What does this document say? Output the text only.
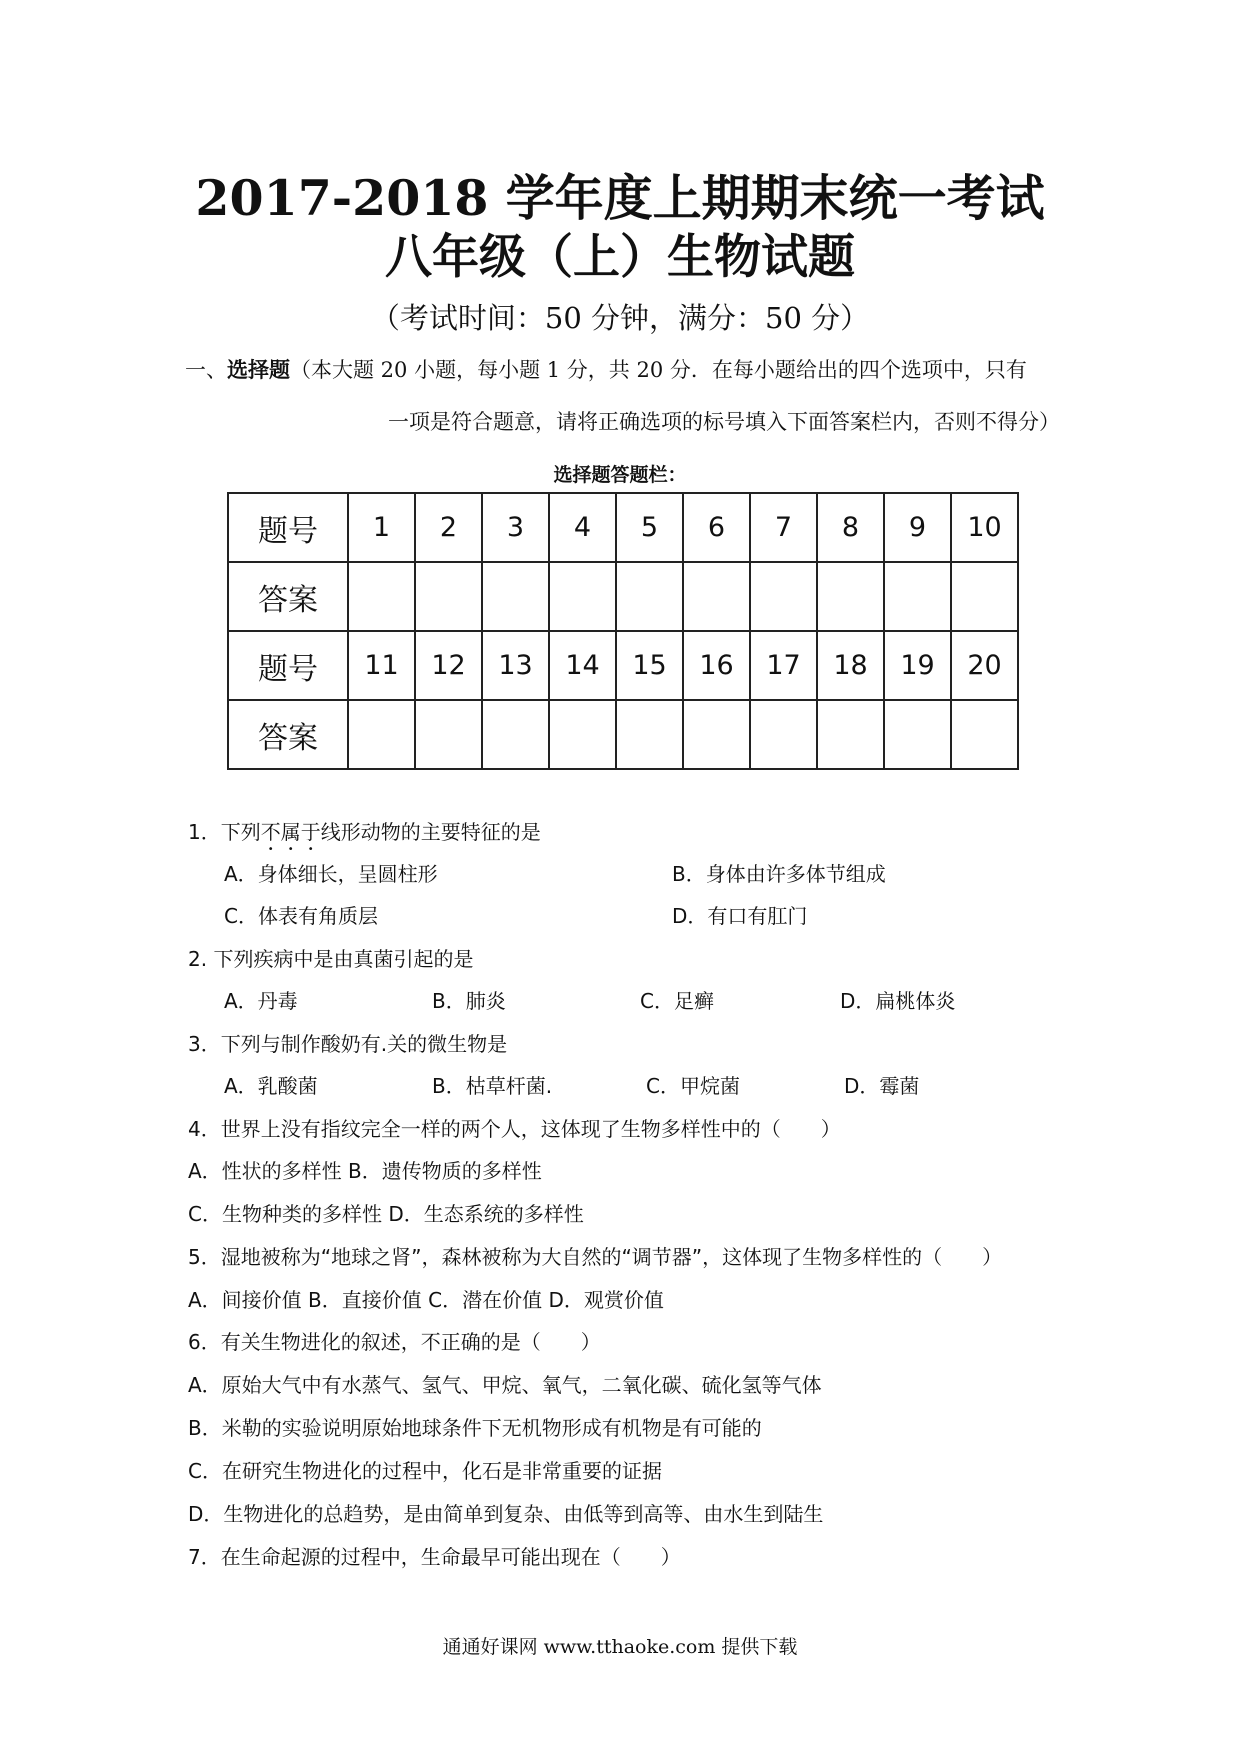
2017-2018 学年度上期期末统一考试
八年级（上）生物试题
（考试时间：50 分钟，满分：50 分）
一、选择题（本大题 20 小题，每小题 1 分，共 20 分．在每小题给出的四个选项中，只有
一项是符合题意，请将正确选项的标号填入下面答案栏内，否则不得分）
选择题答题栏：
题号	1	2	3	4	5	6	7	8	9	10
答案										
题号	11	12	13	14	15	16	17	18	19	20
答案										
1．下列不属于线形动物的主要特征的是
A．身体细长，呈圆柱形	B．身体由许多体节组成
C．体表有角质层	D．有口有肛门
2. 下列疾病中是由真菌引起的是
A．丹毒	B．肺炎	C．足癣	D．扁桃体炎
3．下列与制作酸奶有.关的微生物是
A．乳酸菌	B．枯草杆菌.	C．甲烷菌	D．霉菌
4．世界上没有指纹完全一样的两个人，这体现了生物多样性中的（　　）
A．性状的多样性 B．遗传物质的多样性
C．生物种类的多样性 D．生态系统的多样性
5．湿地被称为“地球之肾”，森林被称为大自然的“调节器”，这体现了生物多样性的（　　）
A．间接价值 B．直接价值 C．潜在价值 D．观赏价值
6．有关生物进化的叙述，不正确的是（　　）
A．原始大气中有水蒸气、氢气、甲烷、氧气，二氧化碳、硫化氢等气体
B．米勒的实验说明原始地球条件下无机物形成有机物是有可能的
C．在研究生物进化的过程中，化石是非常重要的证据
D．生物进化的总趋势，是由简单到复杂、由低等到高等、由水生到陆生
7．在生命起源的过程中，生命最早可能出现在（　　）
通通好课网 www.tthaoke.com 提供下载
